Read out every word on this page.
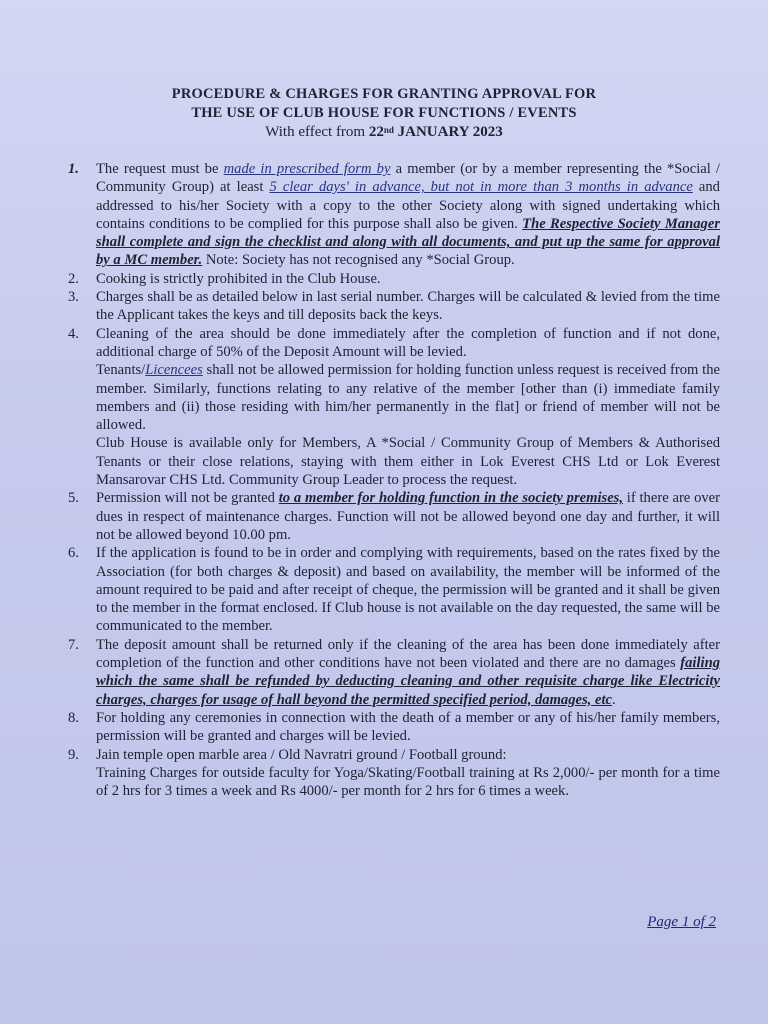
PROCEDURE & CHARGES FOR GRANTING APPROVAL FOR
THE USE OF CLUB HOUSE FOR FUNCTIONS / EVENTS
With effect from 22nd JANUARY 2023

1. The request must be made in prescribed form by a member (or by a member representing the *Social / Community Group) at least 5 clear days' in advance, but not in more than 3 months in advance and addressed to his/her Society with a copy to the other Society along with signed undertaking which contains conditions to be complied for this purpose shall also be given. The Respective Society Manager shall complete and sign the checklist and along with all documents, and put up the same for approval by a MC member. Note: Society has not recognised any *Social Group.

2. Cooking is strictly prohibited in the Club House.

3. Charges shall be as detailed below in last serial number. Charges will be calculated & levied from the time the Applicant takes the keys and till deposits back the keys.

4. Cleaning of the area should be done immediately after the completion of function and if not done, additional charge of 50% of the Deposit Amount will be levied.

Tenants/Licencees shall not be allowed permission for holding function unless request is received from the member. Similarly, functions relating to any relative of the member [other than (i) immediate family members and (ii) those residing with him/her permanently in the flat] or friend of member will not be allowed.

Club House is available only for Members, A *Social / Community Group of Members & Authorised Tenants or their close relations, staying with them either in Lok Everest CHS Ltd or Lok Everest Mansarovar CHS Ltd. Community Group Leader to process the request.

5. Permission will not be granted to a member for holding function in the society premises, if there are over dues in respect of maintenance charges. Function will not be allowed beyond one day and further, it will not be allowed beyond 10.00 pm.

6. If the application is found to be in order and complying with requirements, based on the rates fixed by the Association (for both charges & deposit) and based on availability, the member will be informed of the amount required to be paid and after receipt of cheque, the permission will be granted and it shall be given to the member in the format enclosed. If Club house is not available on the day requested, the same will be communicated to the member.

7. The deposit amount shall be returned only if the cleaning of the area has been done immediately after completion of the function and other conditions have not been violated and there are no damages failing which the same shall be refunded by deducting cleaning and other requisite charge like Electricity charges, charges for usage of hall beyond the permitted specified period, damages, etc.

8. For holding any ceremonies in connection with the death of a member or any of his/her family members, permission will be granted and charges will be levied.

9. Jain temple open marble area / Old Navratri ground / Football ground:

Training Charges for outside faculty for Yoga/Skating/Football training at Rs 2,000/- per month for a time of 2 hrs for 3 times a week and Rs 4000/- per month for 2 hrs for 6 times a week.

Page 1 of 2
